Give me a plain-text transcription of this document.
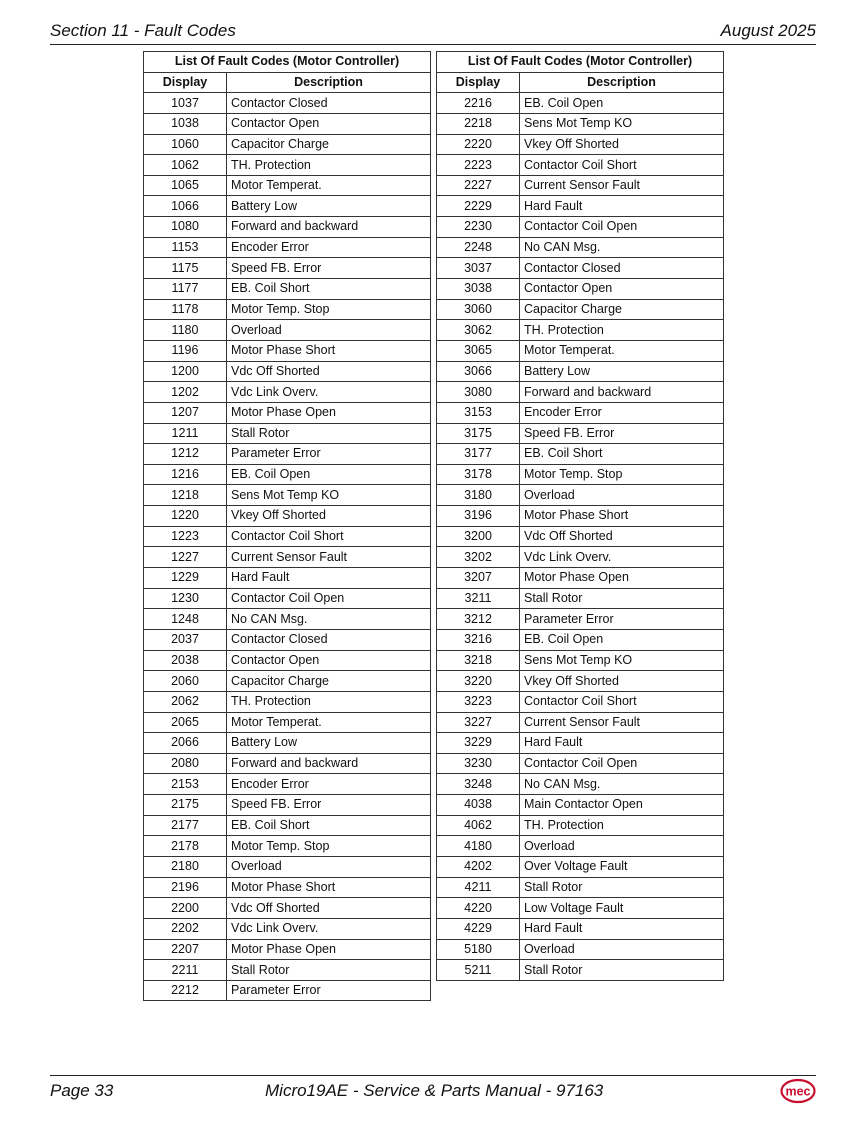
Section 11 - Fault Codes	August 2025
List Of Fault Codes (Motor Controller)	
Display	Description
1037	Contactor Closed
1038	Contactor Open
1060	Capacitor Charge
1062	TH. Protection
1065	Motor Temperat.
1066	Battery Low
1080	Forward and backward
1153	Encoder Error
1175	Speed FB. Error
1177	EB. Coil Short
1178	Motor Temp. Stop
1180	Overload
1196	Motor Phase Short
1200	Vdc Off Shorted
1202	Vdc Link Overv.
1207	Motor Phase Open
1211	Stall Rotor
1212	Parameter Error
1216	EB. Coil Open
1218	Sens Mot Temp KO
1220	Vkey Off Shorted
1223	Contactor Coil Short
1227	Current Sensor Fault
1229	Hard Fault
1230	Contactor Coil Open
1248	No CAN Msg.
2037	Contactor Closed
2038	Contactor Open
2060	Capacitor Charge
2062	TH. Protection
2065	Motor Temperat.
2066	Battery Low
2080	Forward and backward
2153	Encoder Error
2175	Speed FB. Error
2177	EB. Coil Short
2178	Motor Temp. Stop
2180	Overload
2196	Motor Phase Short
2200	Vdc Off Shorted
2202	Vdc Link Overv.
2207	Motor Phase Open
2211	Stall Rotor
2212	Parameter Error
List Of Fault Codes (Motor Controller)	
Display	Description
2216	EB. Coil Open
2218	Sens Mot Temp KO
2220	Vkey Off Shorted
2223	Contactor Coil Short
2227	Current Sensor Fault
2229	Hard Fault
2230	Contactor Coil Open
2248	No CAN Msg.
3037	Contactor Closed
3038	Contactor Open
3060	Capacitor Charge
3062	TH. Protection
3065	Motor Temperat.
3066	Battery Low
3080	Forward and backward
3153	Encoder Error
3175	Speed FB. Error
3177	EB. Coil Short
3178	Motor Temp. Stop
3180	Overload
3196	Motor Phase Short
3200	Vdc Off Shorted
3202	Vdc Link Overv.
3207	Motor Phase Open
3211	Stall Rotor
3212	Parameter Error
3216	EB. Coil Open
3218	Sens Mot Temp KO
3220	Vkey Off Shorted
3223	Contactor Coil Short
3227	Current Sensor Fault
3229	Hard Fault
3230	Contactor Coil Open
3248	No CAN Msg.
4038	Main Contactor Open
4062	TH. Protection
4180	Overload
4202	Over Voltage Fault
4211	Stall Rotor
4220	Low Voltage Fault
4229	Hard Fault
5180	Overload
5211	Stall Rotor
Page 33	Micro19AE - Service & Parts Manual - 97163	mec
